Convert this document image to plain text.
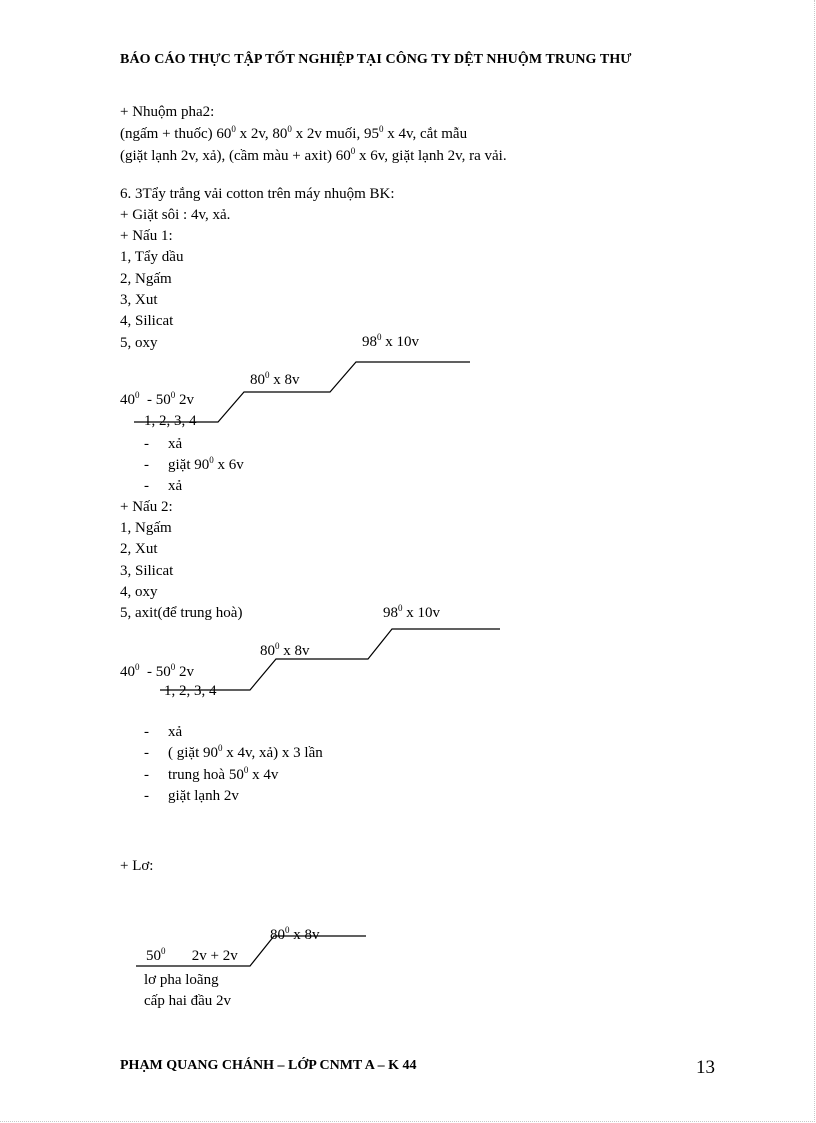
BÁO CÁO THỰC TẬP TỐT NGHIỆP TẠI CÔNG TY DỆT NHUỘM TRUNG THƯ
+ Nhuộm pha2:
(ngấm + thuốc) $60^0$ x 2v, $80^0$ x 2v muối, $95^0$ x 4v, cắt mẫu
(giặt lạnh 2v, xả), (cầm màu + axit) $60^0$ x 6v, giặt lạnh 2v, ra vải.
6. 3Tẩy trắng vải cotton trên máy nhuộm BK:
+ Giặt sôi : 4v, xả.
+ Nấu 1:
1, Tẩy dầu
2, Ngấm
3, Xut
4, Silicat
5, oxy	$98^0$ x 10v
$80^0$ x 8v
$40^0 - 50^0$ 2v
1, 2, 3, 4
- xả
- giặt $90^0$ x 6v
- xả
+ Nấu 2:
1, Ngấm
2, Xut
3, Silicat
4, oxy
5, axit(để trung hoà)	$98^0$ x 10v
$80^0$ x 8v
$40^0 - 50^0$ 2v
1, 2, 3, 4
- xả
- ( giặt $90^0$ x 4v, xả) x 3 lần
- trung hoà $50^0$ x 4v
- giặt lạnh 2v
+ Lơ:
$80^0$ x 8v
$50^0$       2v + 2v
lơ pha loãng
cấp hai đầu 2v
PHẠM QUANG CHÁNH – LỚP CNMT A – K 44	13
